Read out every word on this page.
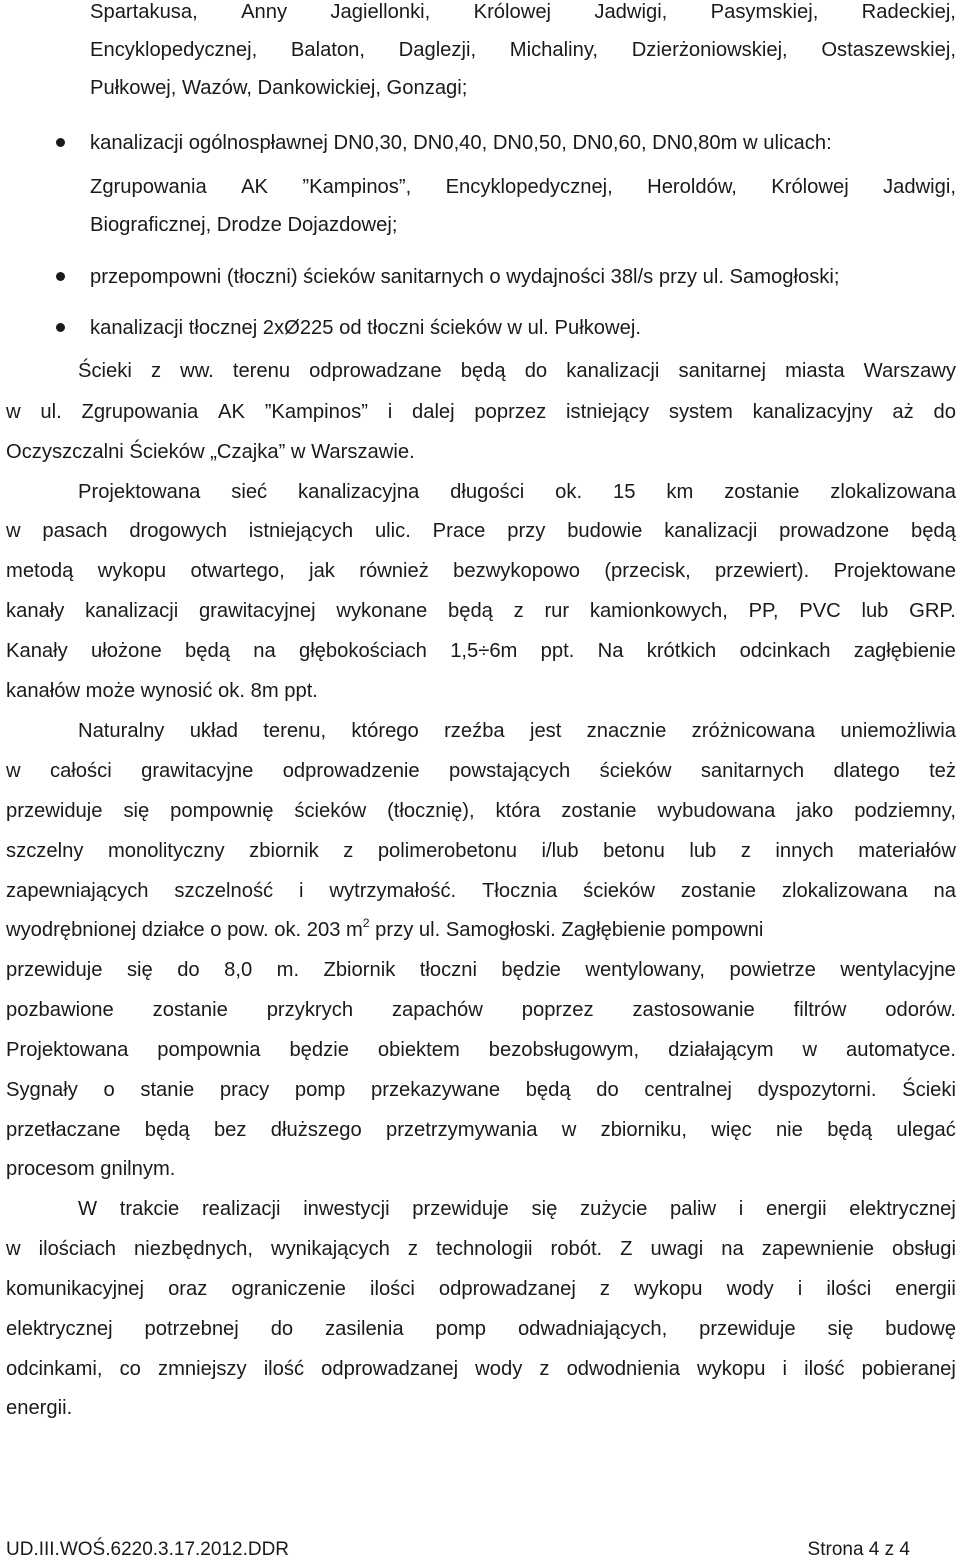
Spartakusa, Anny Jagiellonki, Królowej Jadwigi, Pasymskiej, Radeckiej,
Encyklopedycznej, Balaton, Daglezji, Michaliny, Dzierżoniowskiej, Ostaszewskiej,
Pułkowej, Wazów, Dankowickiej, Gonzagi;
kanalizacji ogólnospławnej DN0,30, DN0,40, DN0,50, DN0,60, DN0,80m w ulicach:
Zgrupowania AK ”Kampinos”, Encyklopedycznej, Heroldów, Królowej Jadwigi,
Biograficznej, Drodze Dojazdowej;
przepompowni (tłoczni) ścieków sanitarnych o wydajności 38l/s przy ul. Samogłoski;
kanalizacji tłocznej 2xØ225 od tłoczni ścieków w ul. Pułkowej.
Ścieki z ww. terenu odprowadzane będą do kanalizacji sanitarnej miasta Warszawy
w ul. Zgrupowania AK ”Kampinos” i dalej poprzez istniejący system kanalizacyjny aż do
Oczyszczalni Ścieków „Czajka” w Warszawie.
Projektowana sieć kanalizacyjna długości ok. 15 km zostanie zlokalizowana
w pasach drogowych istniejących ulic. Prace przy budowie kanalizacji prowadzone będą
metodą wykopu otwartego, jak również bezwykopowo (przecisk, przewiert). Projektowane
kanały kanalizacji grawitacyjnej wykonane będą z rur kamionkowych, PP, PVC lub GRP.
Kanały ułożone będą na głębokościach 1,5÷6m ppt. Na krótkich odcinkach zagłębienie
kanałów może wynosić ok. 8m ppt.
Naturalny układ terenu, którego rzeźba jest znacznie zróżnicowana uniemożliwia
w całości grawitacyjne odprowadzenie powstających ścieków sanitarnych dlatego też
przewiduje się pompownię ścieków (tłocznię), która zostanie wybudowana jako podziemny,
szczelny monolityczny zbiornik z polimerobetonu i/lub betonu lub z innych materiałów
zapewniających szczelność i wytrzymałość. Tłocznia ścieków zostanie zlokalizowana na
wyodrębnionej działce o pow. ok. 203 $m^2$ przy ul. Samogłoski. Zagłębienie pompowni
przewiduje się do 8,0 m. Zbiornik tłoczni będzie wentylowany, powietrze wentylacyjne
pozbawione zostanie przykrych zapachów poprzez zastosowanie filtrów odorów.
Projektowana pompownia będzie obiektem bezobsługowym, działającym w automatyce.
Sygnały o stanie pracy pomp przekazywane będą do centralnej dyspozytorni. Ścieki
przetłaczane będą bez dłuższego przetrzymywania w zbiorniku, więc nie będą ulegać
procesom gnilnym.
W trakcie realizacji inwestycji przewiduje się zużycie paliw i energii elektrycznej
w ilościach niezbędnych, wynikających z technologii robót. Z uwagi na zapewnienie obsługi
komunikacyjnej oraz ograniczenie ilości odprowadzanej z wykopu wody i ilości energii
elektrycznej potrzebnej do zasilenia pomp odwadniających, przewiduje się budowę
odcinkami, co zmniejszy ilość odprowadzanej wody z odwodnienia wykopu i ilość pobieranej
energii.
UD.III.WOŚ.6220.3.17.2012.DDR	Strona 4 z 4
